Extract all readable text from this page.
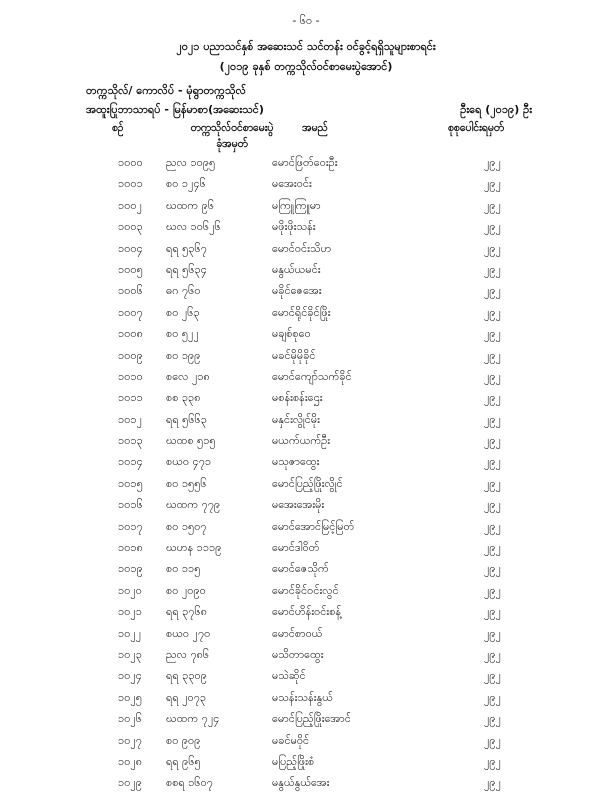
- ၆၀ -
၂၀၂၁ ပညာသင်နှစ် အဆေးသင် သင်တန်း ဝင်ခွင့်ရရှိသူများစာရင်း
(၂၀၁၉ ခုနှစ် တက္ကသိုလ်ဝင်စာမေးပွဲအောင်)
တက္ကသိုလ်/ ကောလိပ် - မုံရွာတက္ကသိုလ်
အထူးပြုဘာသာရပ် - မြန်မာစာ(အဆေးသင်)	ဦးရေ (၂၀၁၉) ဦး
စဉ်	တက္ကသိုလ်ဝင်စာမေးပွဲ
ခုံအမှတ်
အမည်	စုစုပေါင်းရမှတ်
၁၀၀၀ ညလ ၁၀၉၅	မောင်ဖြတ်ဝေးဦး	၂၉၂
၁၀၀၁ စဝ ၁၂၄၆	မအေးဝင်း	၂၉၂
၁၀၀၂ ဃထက ၉၆	မကြူကြူမာ	၂၉၂
၁၀၀၃ ဃလ ၁၀၆၂၆	မဖိုးဖိုးသန်း	၂၉၂
၁၀၀၄ ရရ ၅၃၆၇	မောင်ဝင်းသိဟ	၂၉၂
၁၀၀၅ ရရ ၅၆၃၄	မနွယ်ယမင်း	၂၉၂
၁၀၀၆ ဓဂ ၇၆၀	မခိုင်ဇေအေး	၂၉၂
၁၀၀၇ စဝ ၂၆၃	မောင်ရိုင်ခိုင်ဖြိုး	၂၉၂
၁၀၀၈ စဝ ၅၂၂	မချစ်စုဝေ	၂၉၂
၁၀၀၉ စဝ ၁၉၉	မခင်မိုမိုခိုင်	၂၉၂
၁၀၁၀ စလေ ၂၁၈	မောင်ကျော်သက်ခိုင်	၂၉၂
၁၀၁၁ စစ ၃၃၈	မစန်းစန်းဌေး	၂၉၂
၁၀၁၂ ရရ ၅၆၆၃	မနှင်းလွိုင်မိုး	၂၉၂
၁၀၁၃ ဃထစ ၅၁၅	မယက်ယက်ဦး	၂၉၂
၁၀၁၄ စယဝ ၄၇၁	မသုဇာထွေး	၂၉၂
၁၀၁၅ စဝ ၁၅၅၆	မောင်ပြည့်ဖြိုးလွိုင်	၂၉၂
၁၀၁၆ ဃထက ၇၇၉	မအေးအေးမိုး	၂၉၂
၁၀၁၇ စဝ ၁၅၀၇	မောင်အောင်မြင့်မြတ်	၂၉၂
၁၀၁၈ ဃဟန ၁၁၁၉	မောင်ဒါဝိတ်	၂၉၂
၁၀၁၉ စဝ ၁၁၅	မောင်ဇေသိုက်	၂၉၂
၁၀၂၀ စဝ ၂၀၉၀	မောင်ခိုင်ဝင်းလွင်	၂၉၂
၁၀၂၁ ရရ ၃၇၆၈	မောင်ဟိန်းဝင်းစန့်	၂၉၂
၁၀၂၂ စယဝ ၂၇၀	မောင်စာဝယ်	၂၉၂
၁၀၂၃ ညလ ၇၈၆	မသိတာထွေး	၂၉၂
၁၀၂၄ ရရ ၃၃၀၉	မသဲဆိုင်	၂၉၂
၁၀၂၅ ရရ ၂၀၇၃	မသန်းသန်းနွယ်	၂၉၂
၁၀၂၆ ဃထက ၇၂၄	မောင်ပြည့်ဖြိုးအောင်	၂၉၂
၁၀၂၇ စဝ ၉၀၉	မခင်မဝိုင်	၂၉၂
၁၀၂၈ ရရ ၉၆၅	မပြည့်ဖြိုးစံ	၂၉၂
၁၀၂၉ စစရ ၁၆၀၇	မနွယ်နွယ်အေး	၂၉၂
